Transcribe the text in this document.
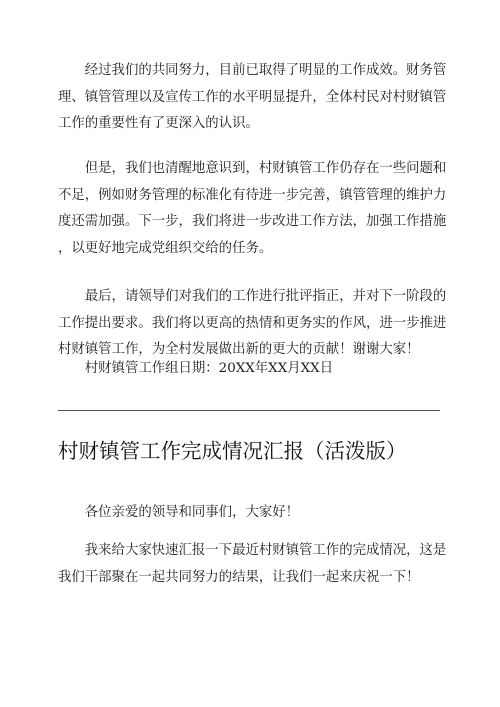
　　经过我们的共同努力，目前已取得了明显的工作成效。财务管
理、镇管管理以及宣传工作的水平明显提升，全体村民对村财镇管
工作的重要性有了更深入的认识。
　　但是，我们也清醒地意识到，村财镇管工作仍存在一些问题和
不足，例如财务管理的标准化有待进一步完善，镇管管理的维护力
度还需加强。下一步，我们将进一步改进工作方法，加强工作措施
，以更好地完成党组织交给的任务。
　　最后，请领导们对我们的工作进行批评指正，并对下一阶段的
工作提出要求。我们将以更高的热情和更务实的作风，进一步推进
村财镇管工作，为全村发展做出新的更大的贡献！谢谢大家！
　　村财镇管工作组日期：20XX年XX月XX日
村财镇管工作完成情况汇报（活泼版）
　　各位亲爱的领导和同事们，大家好！
　　我来给大家快速汇报一下最近村财镇管工作的完成情况，这是
我们干部聚在一起共同努力的结果，让我们一起来庆祝一下！
